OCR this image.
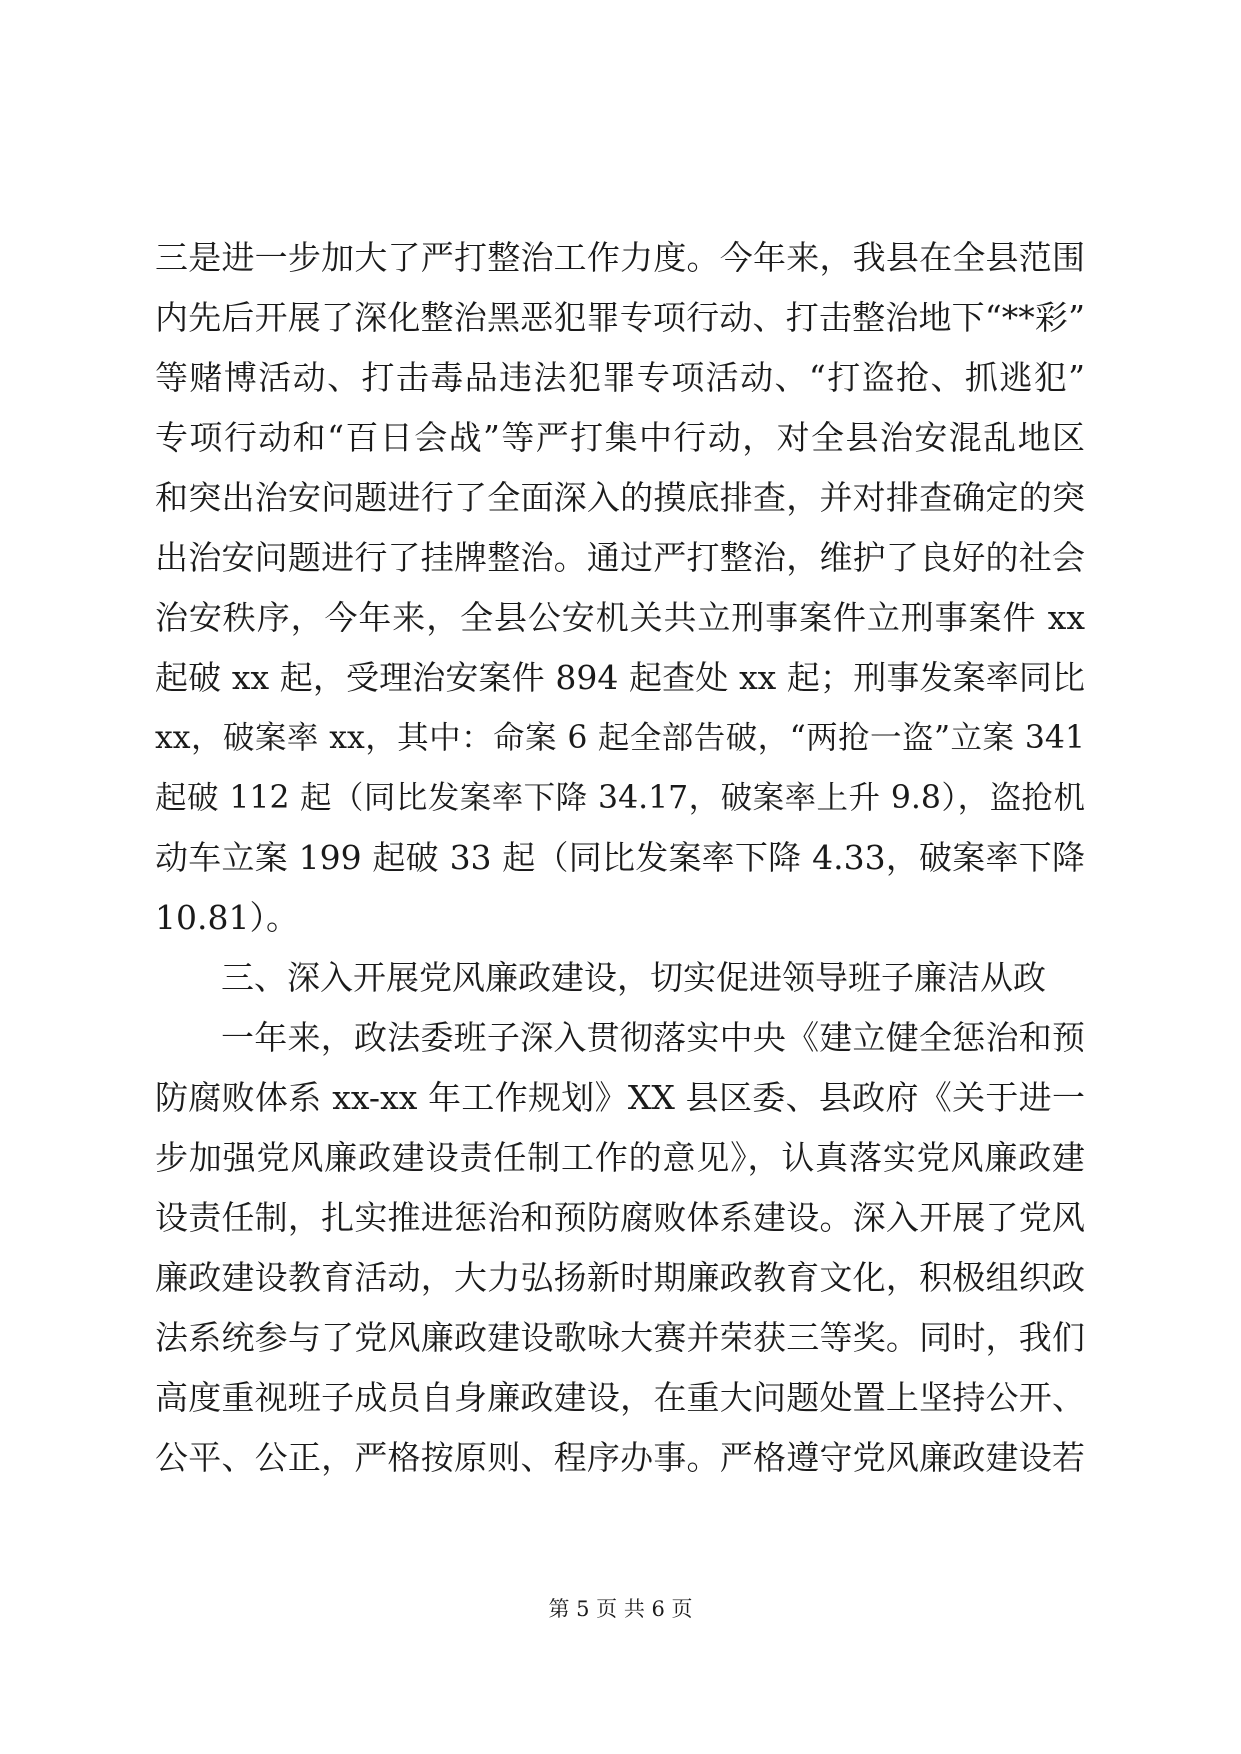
三是进一步加大了严打整治工作力度。今年来，我县在全县范围
内先后开展了深化整治黑恶犯罪专项行动、打击整治地下“**彩”
等赌博活动、打击毒品违法犯罪专项活动、“打盗抢、抓逃犯”
专项行动和“百日会战”等严打集中行动，对全县治安混乱地区
和突出治安问题进行了全面深入的摸底排查，并对排查确定的突
出治安问题进行了挂牌整治。通过严打整治，维护了良好的社会
治安秩序，今年来，全县公安机关共立刑事案件立刑事案件 xx
起破 xx 起，受理治安案件 894 起查处 xx 起；刑事发案率同比
xx，破案率 xx，其中：命案 6 起全部告破，“两抢一盗”立案 341
起破 112 起（同比发案率下降 34.17，破案率上升 9.8），盗抢机
动车立案 199 起破 33 起（同比发案率下降 4.33，破案率下降
10.81）。
三、深入开展党风廉政建设，切实促进领导班子廉洁从政
一年来，政法委班子深入贯彻落实中央《建立健全惩治和预
防腐败体系 xx-xx 年工作规划》XX 县区委、县政府《关于进一
步加强党风廉政建设责任制工作的意见》，认真落实党风廉政建
设责任制，扎实推进惩治和预防腐败体系建设。深入开展了党风
廉政建设教育活动，大力弘扬新时期廉政教育文化，积极组织政
法系统参与了党风廉政建设歌咏大赛并荣获三等奖。同时，我们
高度重视班子成员自身廉政建设，在重大问题处置上坚持公开、
公平、公正，严格按原则、程序办事。严格遵守党风廉政建设若
第 5 页 共 6 页
